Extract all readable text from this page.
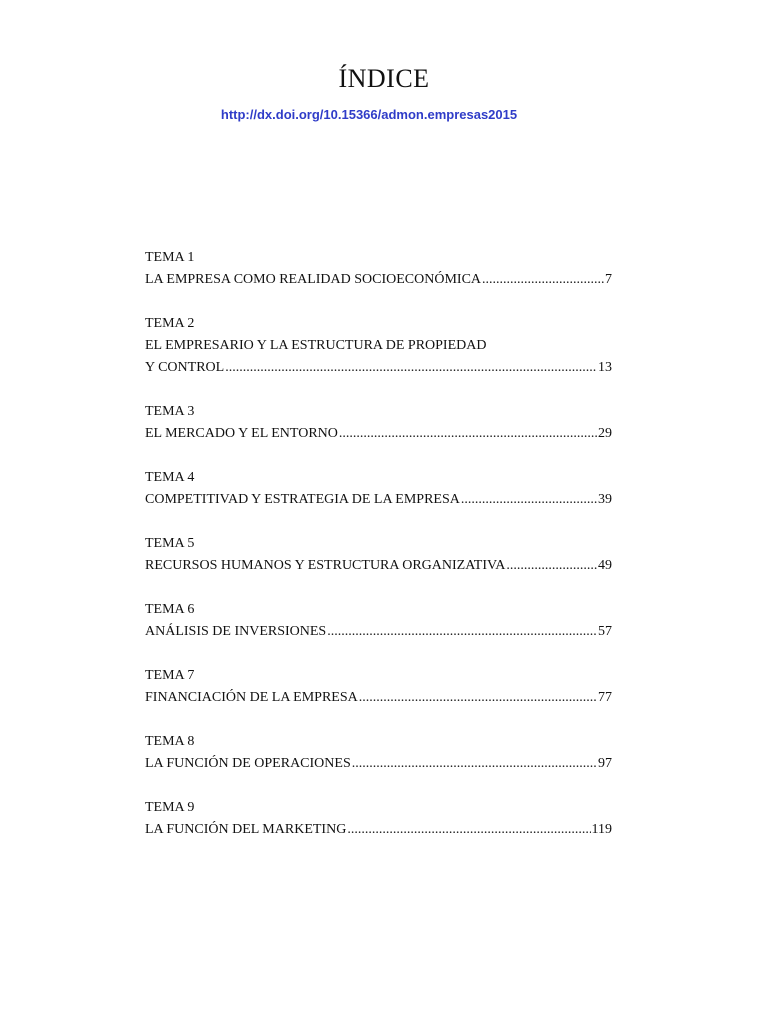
ÍNDICE
http://dx.doi.org/10.15366/admon.empresas2015
TEMA 1
LA EMPRESA COMO REALIDAD SOCIOECONÓMICA .....	7
TEMA 2
EL EMPRESARIO Y LA ESTRUCTURA DE PROPIEDAD
Y CONTROL .....	13
TEMA 3
EL MERCADO Y EL ENTORNO .....	29
TEMA 4
COMPETITIVAD Y ESTRATEGIA DE LA EMPRESA .....	39
TEMA 5
RECURSOS HUMANOS Y ESTRUCTURA ORGANIZATIVA .....	49
TEMA 6
ANÁLISIS DE INVERSIONES .....	57
TEMA 7
FINANCIACIÓN DE LA EMPRESA .....	77
TEMA 8
LA FUNCIÓN DE OPERACIONES .....	97
TEMA 9
LA FUNCIÓN DEL MARKETING .....	119
